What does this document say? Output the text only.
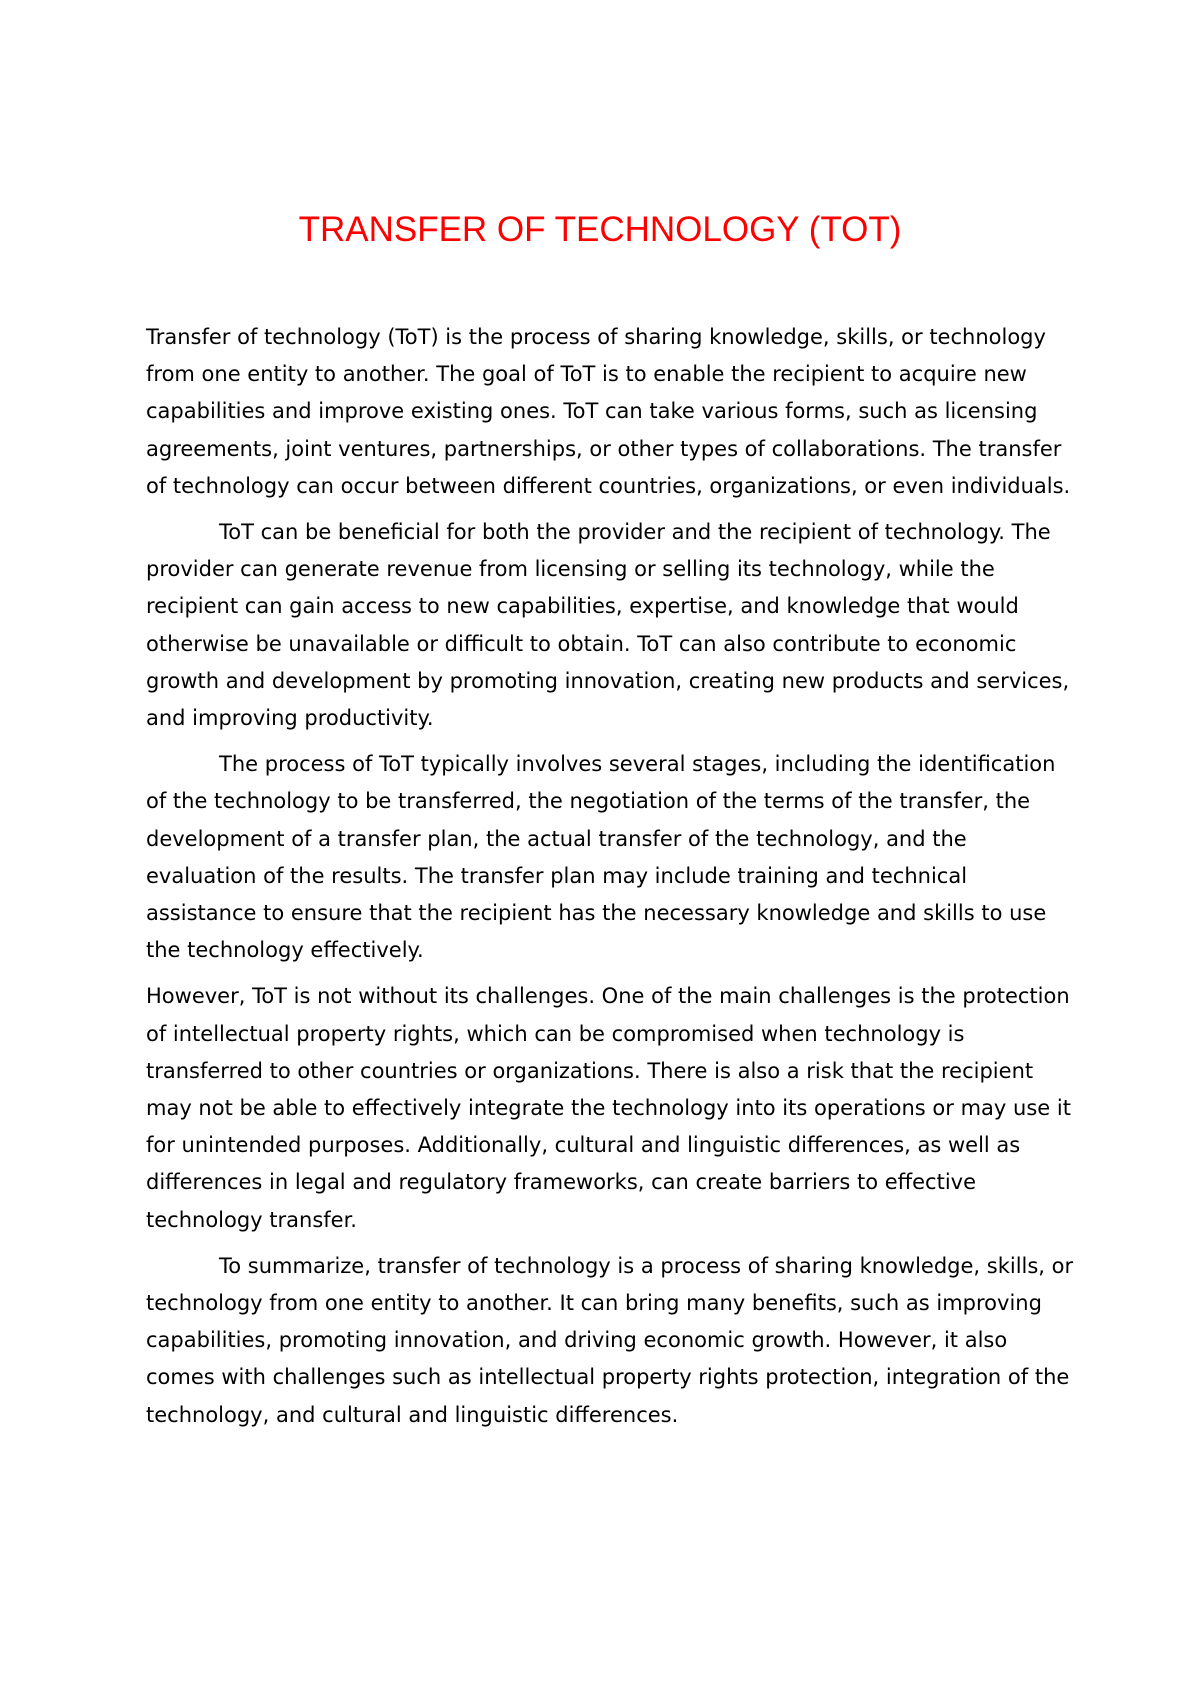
TRANSFER OF TECHNOLOGY (TOT)

Transfer of technology (ToT) is the process of sharing knowledge, skills, or technology from one entity to another. The goal of ToT is to enable the recipient to acquire new capabilities and improve existing ones. ToT can take various forms, such as licensing agreements, joint ventures, partnerships, or other types of collaborations. The transfer of technology can occur between different countries, organizations, or even individuals.

ToT can be beneficial for both the provider and the recipient of technology. The provider can generate revenue from licensing or selling its technology, while the recipient can gain access to new capabilities, expertise, and knowledge that would otherwise be unavailable or difficult to obtain. ToT can also contribute to economic growth and development by promoting innovation, creating new products and services, and improving productivity.

The process of ToT typically involves several stages, including the identification of the technology to be transferred, the negotiation of the terms of the transfer, the development of a transfer plan, the actual transfer of the technology, and the evaluation of the results. The transfer plan may include training and technical assistance to ensure that the recipient has the necessary knowledge and skills to use the technology effectively.

However, ToT is not without its challenges. One of the main challenges is the protection of intellectual property rights, which can be compromised when technology is transferred to other countries or organizations. There is also a risk that the recipient may not be able to effectively integrate the technology into its operations or may use it for unintended purposes. Additionally, cultural and linguistic differences, as well as differences in legal and regulatory frameworks, can create barriers to effective technology transfer.

To summarize, transfer of technology is a process of sharing knowledge, skills, or technology from one entity to another. It can bring many benefits, such as improving capabilities, promoting innovation, and driving economic growth. However, it also comes with challenges such as intellectual property rights protection, integration of the technology, and cultural and linguistic differences.
